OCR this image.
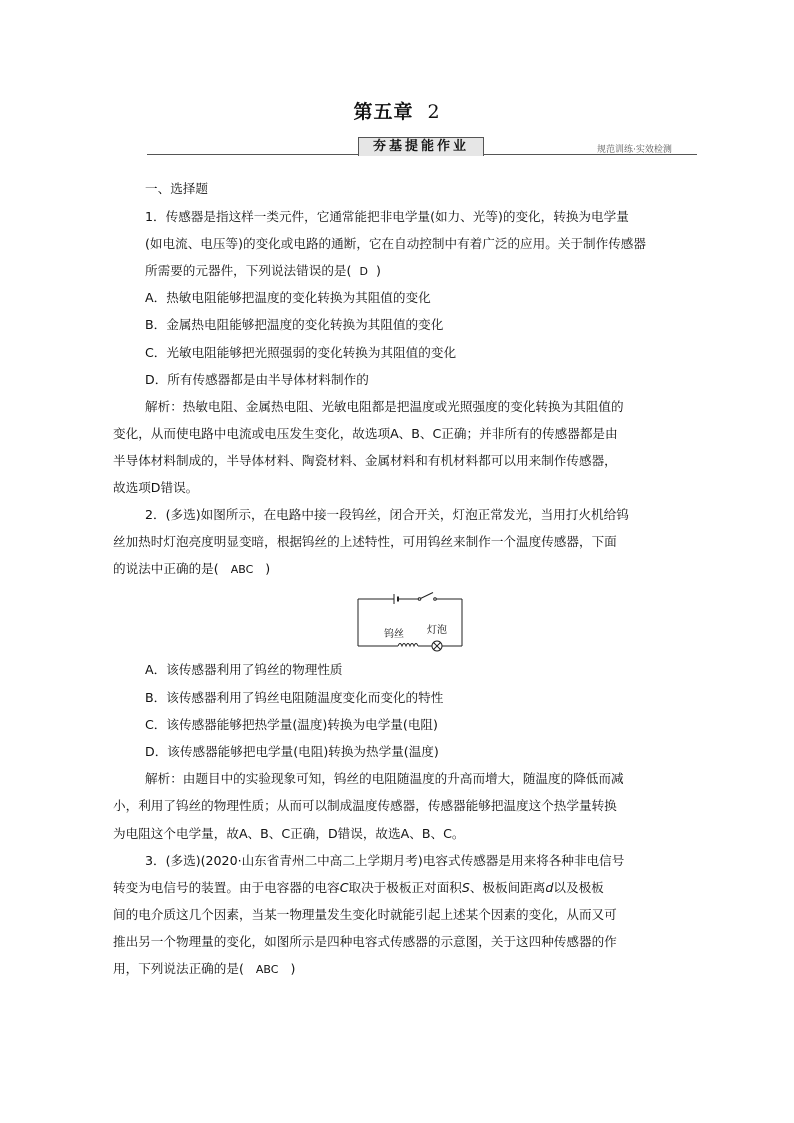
第五章 2
夯基提能作业	规范训练·实效检测
一、选择题
1．传感器是指这样一类元件，它通常能把非电学量(如力、光等)的变化，转换为电学量
(如电流、电压等)的变化或电路的通断，它在自动控制中有着广泛的应用。关于制作传感器
所需要的元器件，下列说法错误的是( D )
A．热敏电阻能够把温度的变化转换为其阻值的变化
B．金属热电阻能够把温度的变化转换为其阻值的变化
C．光敏电阻能够把光照强弱的变化转换为其阻值的变化
D．所有传感器都是由半导体材料制作的
解析：热敏电阻、金属热电阻、光敏电阻都是把温度或光照强度的变化转换为其阻值的
变化，从而使电路中电流或电压发生变化，故选项A、B、C正确；并非所有的传感器都是由
半导体材料制成的，半导体材料、陶瓷材料、金属材料和有机材料都可以用来制作传感器，
故选项D错误。
2．(多选)如图所示，在电路中接一段钨丝，闭合开关，灯泡正常发光，当用打火机给钨
丝加热时灯泡亮度明显变暗，根据钨丝的上述特性，可用钨丝来制作一个温度传感器，下面
的说法中正确的是( ABC )
钨丝 灯泡
A．该传感器利用了钨丝的物理性质
B．该传感器利用了钨丝电阻随温度变化而变化的特性
C．该传感器能够把热学量(温度)转换为电学量(电阻)
D．该传感器能够把电学量(电阻)转换为热学量(温度)
解析：由题目中的实验现象可知，钨丝的电阻随温度的升高而增大，随温度的降低而减
小，利用了钨丝的物理性质；从而可以制成温度传感器，传感器能够把温度这个热学量转换
为电阻这个电学量，故A、B、C正确，D错误，故选A、B、C。
3．(多选)(2020·山东省青州二中高二上学期月考)电容式传感器是用来将各种非电信号
转变为电信号的装置。由于电容器的电容C取决于极板正对面积S、极板间距离d以及极板
间的电介质这几个因素，当某一物理量发生变化时就能引起上述某个因素的变化，从而又可
推出另一个物理量的变化，如图所示是四种电容式传感器的示意图，关于这四种传感器的作
用，下列说法正确的是( ABC )
